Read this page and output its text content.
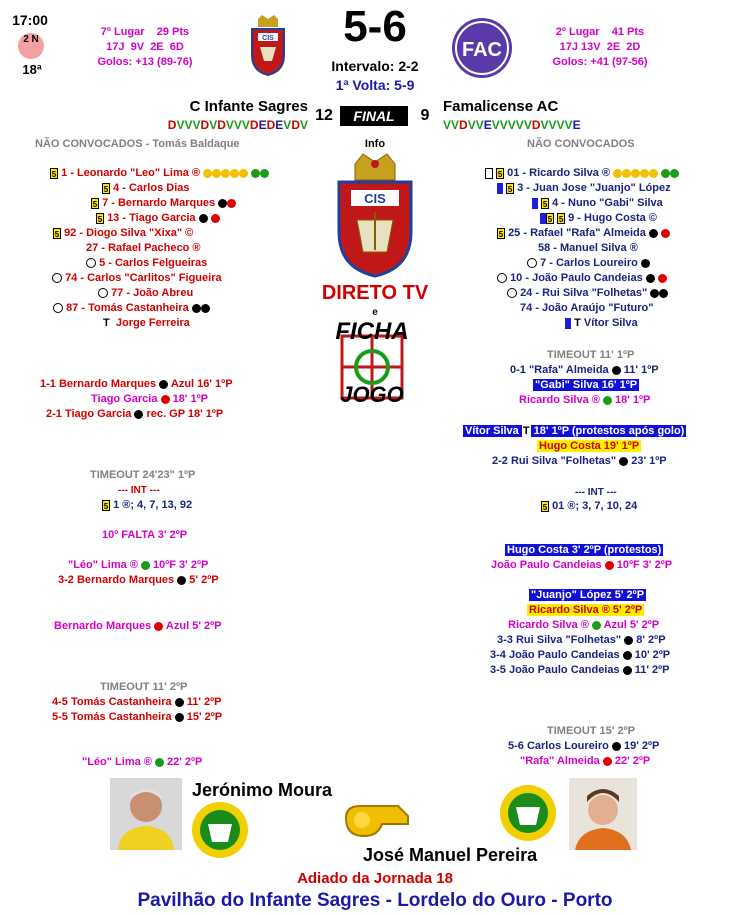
17:00
2 N
18ª
7º Lugar    29 Pts
17J  9V  2E  6D
Golos: +13 (89-76)
CIS	5-6
Intervalo: 2-2
1ª Volta: 5-9
FAC
2º Lugar    41 Pts
17J 13V  2E  2D
Golos: +41 (97-56)
C Infante Sagres
DVVVDVDVVVDEDEVDV
12	FINAL	9
Famalicense AC
VVDVVEVVVVVDVVVVE
NÃO CONVOCADOS - Tomás Baldaque	NÃO CONVOCADOS
5 1 - Leonardo "Leo" Lima ®
5 4 - Carlos Dias
5 7 - Bernardo Marques
5 13 - Tiago Garcia
5 92 - Diogo Silva "Xixa" ©
27 - Rafael Pacheco ®
5 - Carlos Felgueiras
74 - Carlos "Carlitos" Figueira
77 - João Abreu
87 - Tomás Castanheira
T Jorge Ferreira
5 01 - Ricardo Silva ®
5 3 - Juan Jose "Juanjo" López
5 4 - Nuno "Gabi" Silva
5 5 9 - Hugo Costa ©
5 25 - Rafael "Rafa" Almeida
58 - Manuel Silva ®
7 - Carlos Loureiro
10 - João Paulo Candeias
24 - Rui Silva "Folhetas"
74 - João Araújo "Futuro"
T Vítor Silva
Info
CIS
DIRETO TV
e
FICHA
JOGO
1-1 Bernardo Marques Azul 16' 1ºP
Tiago Garcia 18' 1ºP
2-1 Tiago Garcia rec. GP 18' 1ºP
TIMEOUT 24'23" 1ºP
--- INT ---
5 1 ®; 4, 7, 13, 92
10º FALTA 3' 2ºP
"Léo" Lima ® 10ºF 3' 2ºP
3-2 Bernardo Marques 5' 2ºP
Bernardo Marques Azul 5' 2ºP
TIMEOUT 11' 2ºP
4-5 Tomás Castanheira 11' 2ºP
5-5 Tomás Castanheira 15' 2ºP
"Léo" Lima ® 22' 2ºP
TIMEOUT 11' 1ºP
0-1 "Rafa" Almeida 11' 1ºP
"Gabi" Silva 16' 1ºP
Ricardo Silva ® 18' 1ºP
Vítor Silva T 18' 1ºP (protestos após golo)
Hugo Costa 19' 1ºP
2-2 Rui Silva "Folhetas" 23' 1ºP
--- INT ---
5 01 ®; 3, 7, 10, 24
Hugo Costa 3' 2ºP (protestos)
João Paulo Candeias 10ºF 3' 2ºP
"Juanjo" López 5' 2ºP
Ricardo Silva ® 5' 2ºP
Ricardo Silva ® Azul 5' 2ºP
3-3 Rui Silva "Folhetas" 8' 2ºP
3-4 João Paulo Candeias 10' 2ºP
3-5 João Paulo Candeias 11' 2ºP
TIMEOUT 15' 2ºP
5-6 Carlos Loureiro 19' 2ºP
"Rafa" Almeida 22' 2ºP
Jerónimo Moura
José Manuel Pereira
Adiado da Jornada 18
Pavilhão do Infante Sagres - Lordelo do Ouro - Porto
